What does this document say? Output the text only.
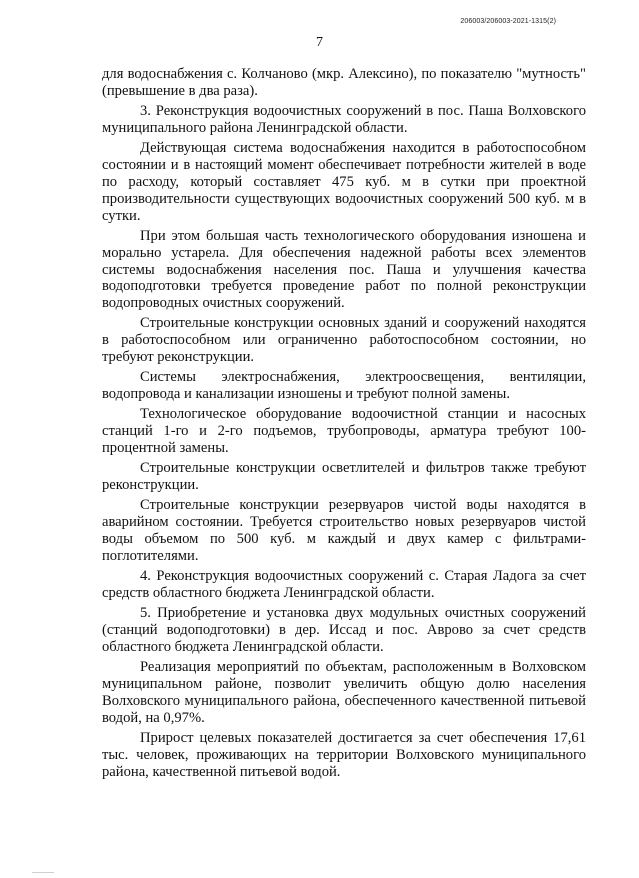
206003/206003-2021-1315(2)
7

для водоснабжения с. Колчаново (мкр. Алексино), по показателю "мутность" (превышение в два раза).

3. Реконструкция водоочистных сооружений в пос. Паша Волховского муниципального района Ленинградской области.

Действующая система водоснабжения находится в работоспособном состоянии и в настоящий момент обеспечивает потребности жителей в воде по расходу, который составляет 475 куб. м в сутки при проектной производительности существующих водоочистных сооружений 500 куб. м в сутки.

При этом большая часть технологического оборудования изношена и морально устарела. Для обеспечения надежной работы всех элементов системы водоснабжения населения пос. Паша и улучшения качества водоподготовки требуется проведение работ по полной реконструкции водопроводных очистных сооружений.

Строительные конструкции основных зданий и сооружений находятся в работоспособном или ограниченно работоспособном состоянии, но требуют реконструкции.

Системы электроснабжения, электроосвещения, вентиляции, водопровода и канализации изношены и требуют полной замены.

Технологическое оборудование водоочистной станции и насосных станций 1-го и 2-го подъемов, трубопроводы, арматура требуют 100-процентной замены.

Строительные конструкции осветлителей и фильтров также требуют реконструкции.

Строительные конструкции резервуаров чистой воды находятся в аварийном состоянии. Требуется строительство новых резервуаров чистой воды объемом по 500 куб. м каждый и двух камер с фильтрами-поглотителями.

4. Реконструкция водоочистных сооружений с. Старая Ладога за счет средств областного бюджета Ленинградской области.

5. Приобретение и установка двух модульных очистных сооружений (станций водоподготовки) в дер. Иссад и пос. Аврово за счет средств областного бюджета Ленинградской области.

Реализация мероприятий по объектам, расположенным в Волховском муниципальном районе, позволит увеличить общую долю населения Волховского муниципального района, обеспеченного качественной питьевой водой, на 0,97%.

Прирост целевых показателей достигается за счет обеспечения 17,61 тыс. человек, проживающих на территории Волховского муниципального района, качественной питьевой водой.
